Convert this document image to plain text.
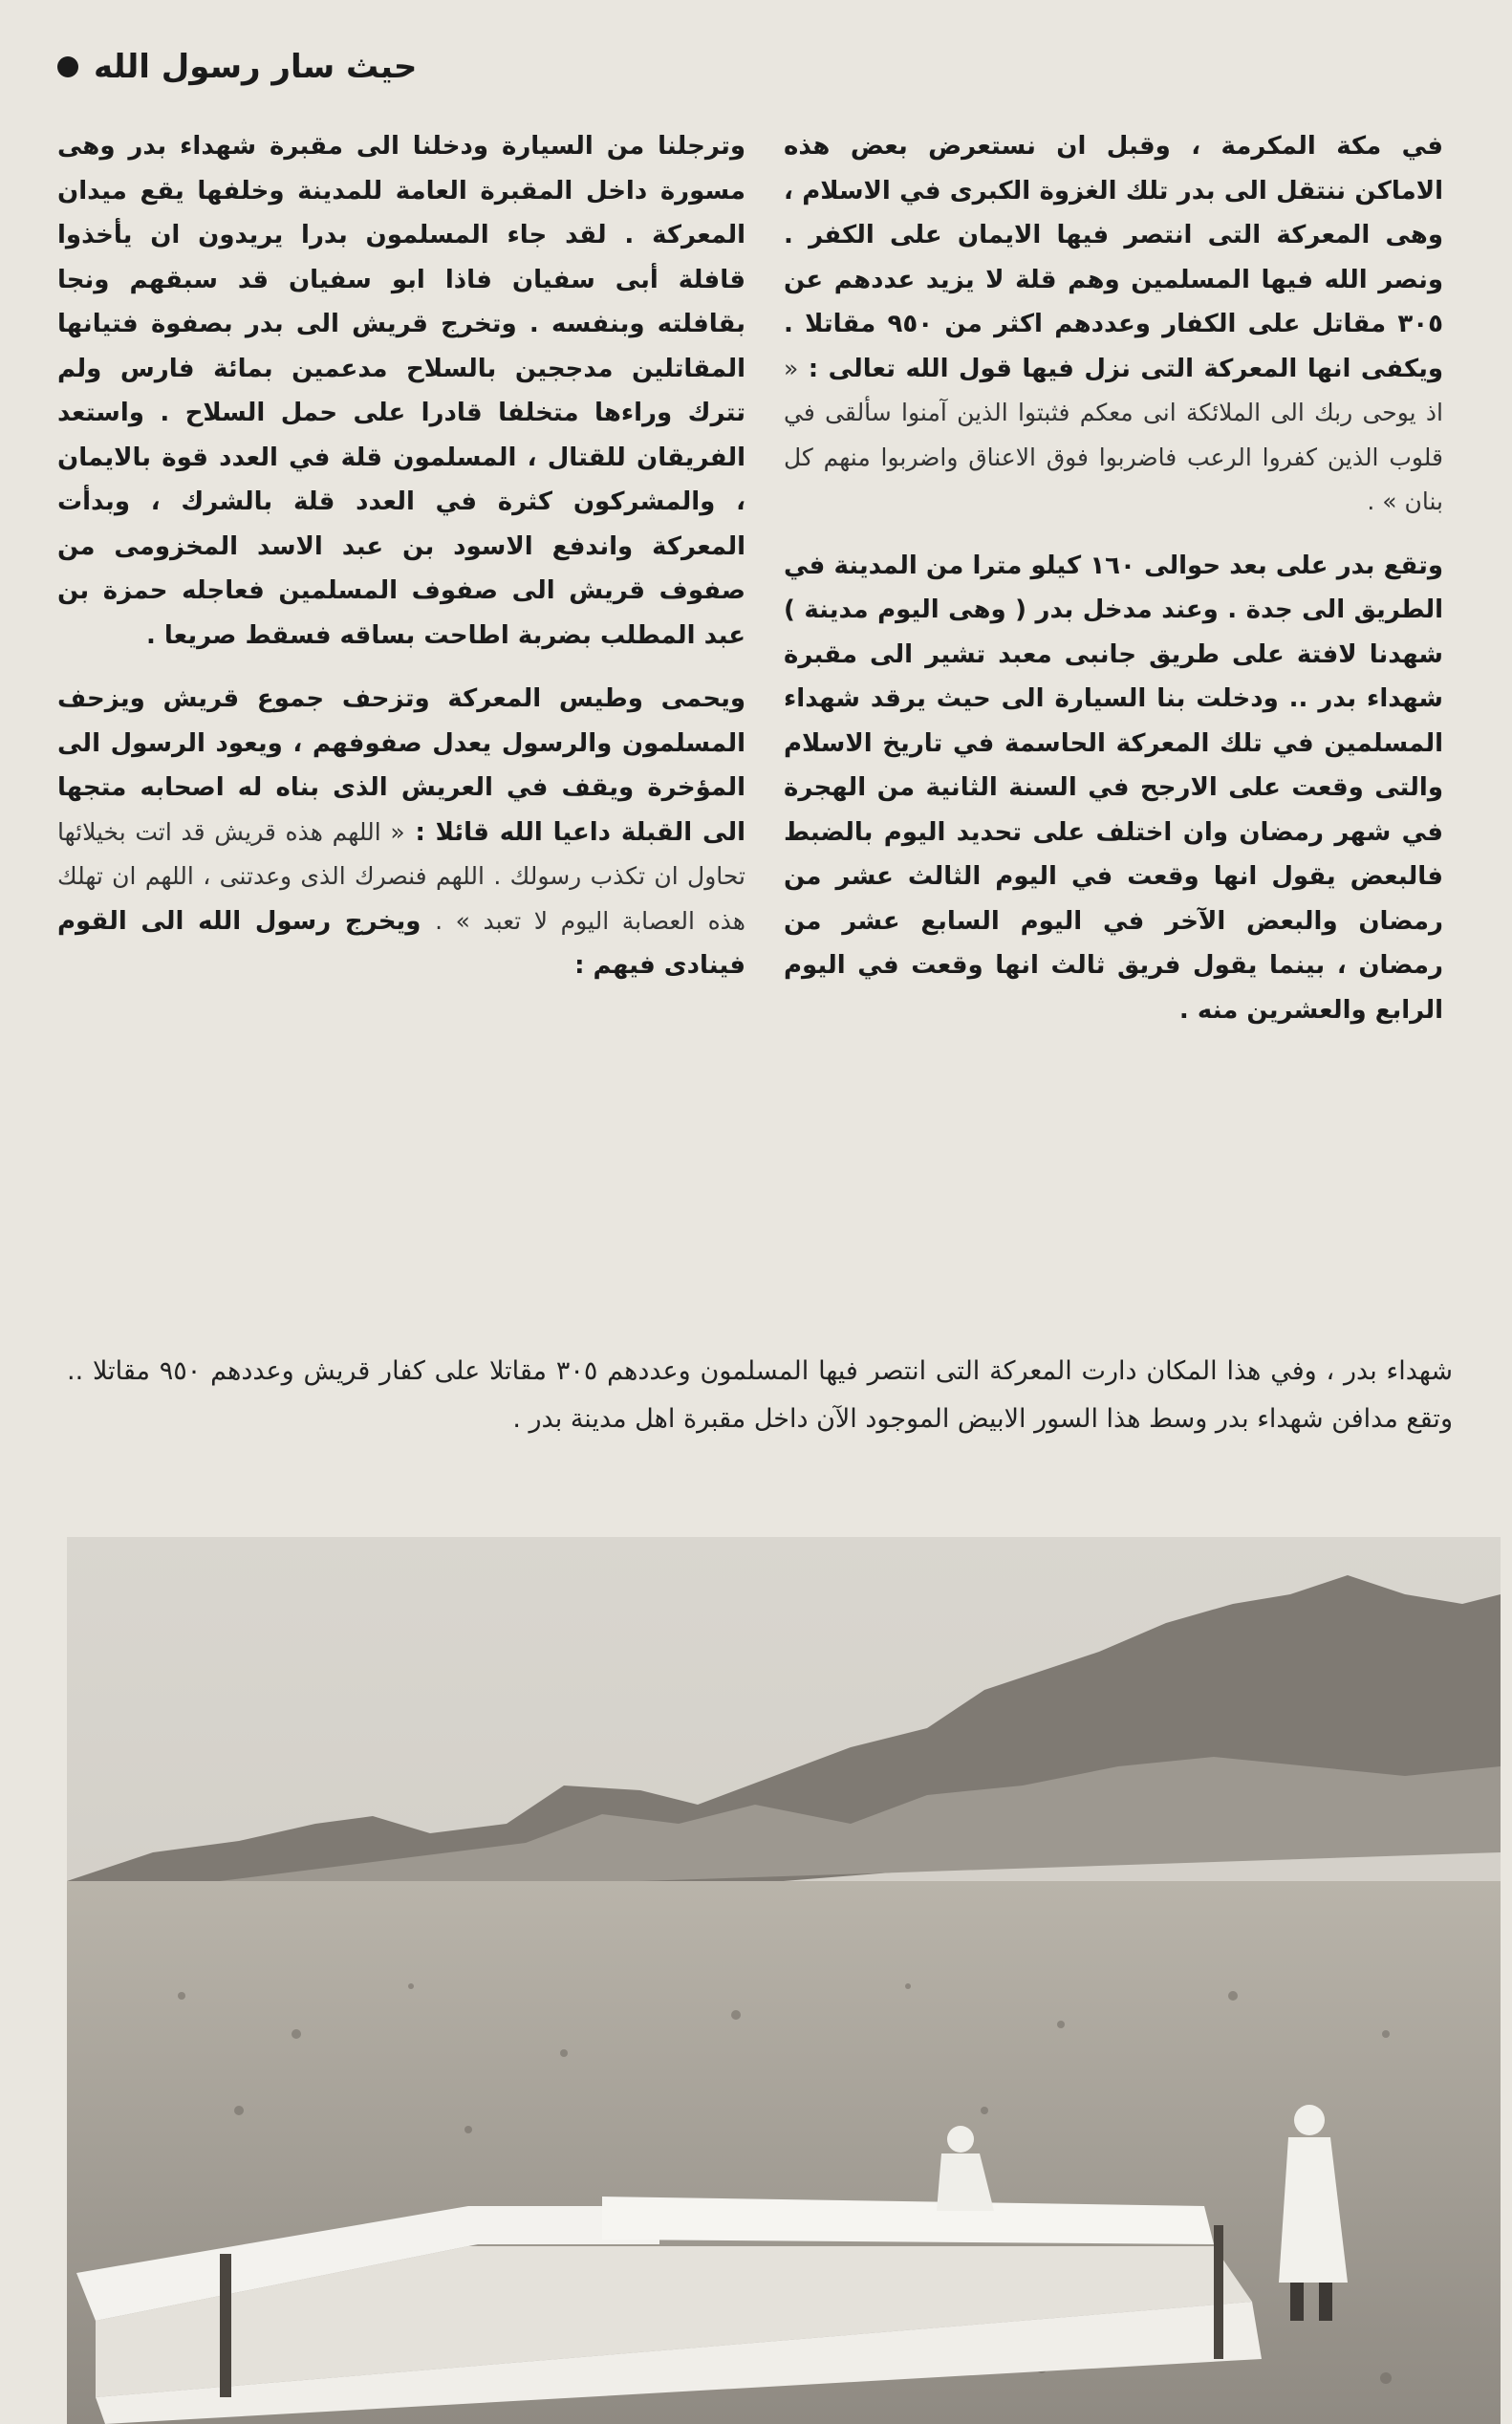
حيث سار رسول الله

في مكة المكرمة ، وقبل ان نستعرض بعض هذه الاماكن ننتقل الى بدر تلك الغزوة الكبرى في الاسلام ، وهى المعركة التى انتصر فيها الايمان على الكفر . ونصر الله فيها المسلمين وهم قلة لا يزيد عددهم عن ٣٠٥ مقاتل على الكفار وعددهم اكثر من ٩٥٠ مقاتلا . ويكفى انها المعركة التى نزل فيها قول الله تعالى : « اذ يوحى ربك الى الملائكة انى معكم فثبتوا الذين آمنوا سألقى في قلوب الذين كفروا الرعب فاضربوا فوق الاعناق واضربوا منهم كل بنان » .

وتقع بدر على بعد حوالى ١٦٠ كيلو مترا من المدينة في الطريق الى جدة . وعند مدخل بدر ( وهى اليوم مدينة ) شهدنا لافتة على طريق جانبى معبد تشير الى مقبرة شهداء بدر .. ودخلت بنا السيارة الى حيث يرقد شهداء المسلمين في تلك المعركة الحاسمة في تاريخ الاسلام والتى وقعت على الارجح في السنة الثانية من الهجرة في شهر رمضان وان اختلف على تحديد اليوم بالضبط فالبعض يقول انها وقعت في اليوم الثالث عشر من رمضان والبعض الآخر في اليوم السابع عشر من رمضان ، بينما يقول فريق ثالث انها وقعت في اليوم الرابع والعشرين منه .

وترجلنا من السيارة ودخلنا الى مقبرة شهداء بدر وهى مسورة داخل المقبرة العامة للمدينة وخلفها يقع ميدان المعركة . لقد جاء المسلمون بدرا يريدون ان يأخذوا قافلة أبى سفيان فاذا ابو سفيان قد سبقهم ونجا بقافلته وبنفسه . وتخرج قريش الى بدر بصفوة فتيانها المقاتلين مدججين بالسلاح مدعمين بمائة فارس ولم تترك وراءها متخلفا قادرا على حمل السلاح . واستعد الفريقان للقتال ، المسلمون قلة في العدد قوة بالايمان ، والمشركون كثرة في العدد قلة بالشرك ، وبدأت المعركة واندفع الاسود بن عبد الاسد المخزومى من صفوف قريش الى صفوف المسلمين فعاجله حمزة بن عبد المطلب بضربة اطاحت بساقه فسقط صريعا .

ويحمى وطيس المعركة وتزحف جموع قريش ويزحف المسلمون والرسول يعدل صفوفهم ، ويعود الرسول الى المؤخرة ويقف في العريش الذى بناه له اصحابه متجها الى القبلة داعيا الله قائلا : « اللهم هذه قريش قد اتت بخيلائها تحاول ان تكذب رسولك . اللهم فنصرك الذى وعدتنى ، اللهم ان تهلك هذه العصابة اليوم لا تعبد » . ويخرج رسول الله الى القوم فينادى فيهم :

شهداء بدر ، وفي هذا المكان دارت المعركة التى انتصر فيها المسلمون وعددهم ٣٠٥ مقاتلا على كفار قريش وعددهم ٩٥٠ مقاتلا .. وتقع مدافن شهداء بدر وسط هذا السور الابيض الموجود الآن داخل مقبرة اهل مدينة بدر .
